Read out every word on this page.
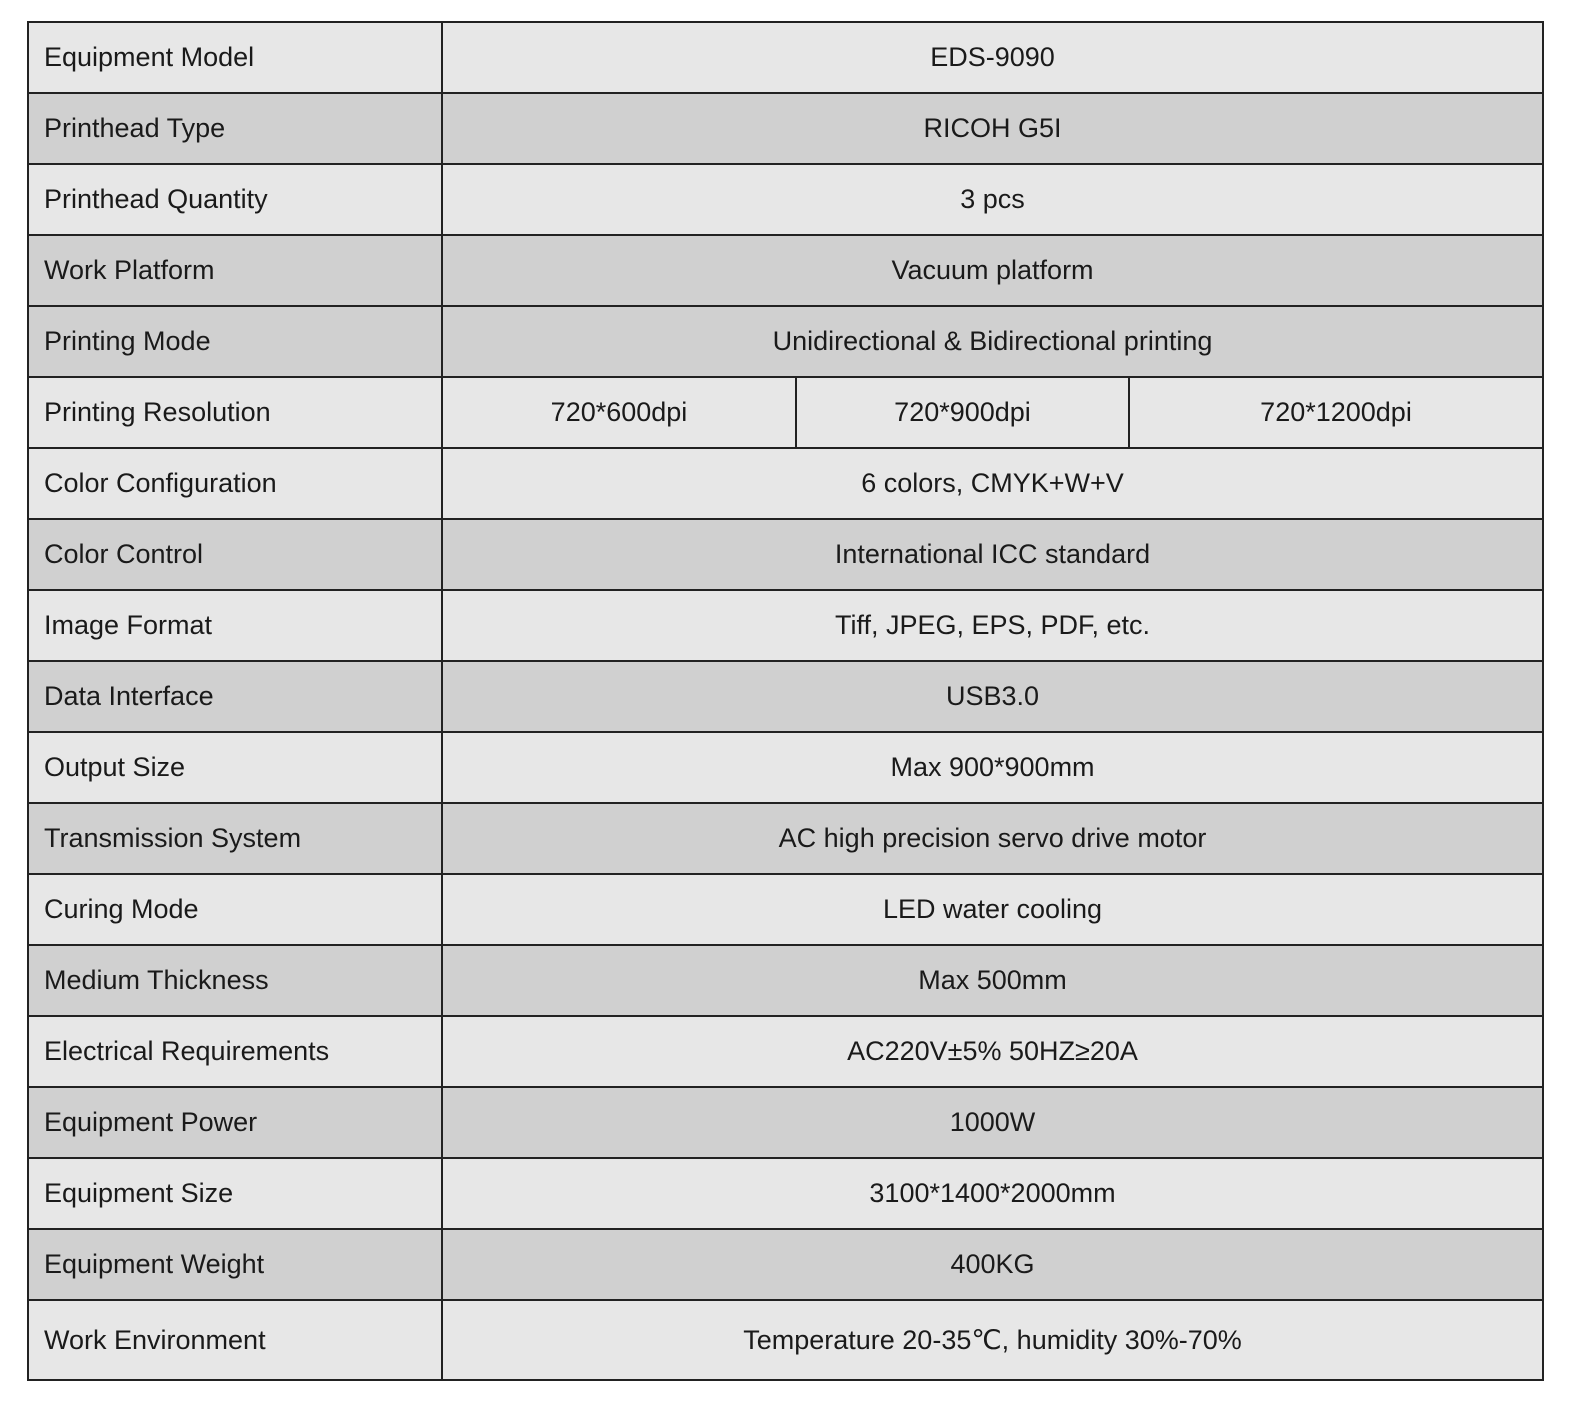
Equipment Model	EDS-9090		
Printhead Type	RICOH G5I		
Printhead Quantity	3 pcs		
Work Platform	Vacuum platform		
Printing Mode	Unidirectional & Bidirectional printing		
Printing Resolution	720*600dpi	720*900dpi	720*1200dpi
Color Configuration	6 colors, CMYK+W+V		
Color Control	International ICC standard		
Image Format	Tiff, JPEG, EPS, PDF, etc.		
Data Interface	USB3.0		
Output Size	Max 900*900mm		
Transmission System	AC high precision servo drive motor		
Curing Mode	LED water cooling		
Medium Thickness	Max 500mm		
Electrical Requirements	AC220V±5% 50HZ≥20A		
Equipment Power	1000W		
Equipment Size	3100*1400*2000mm		
Equipment Weight	400KG		
Work Environment	Temperature 20-35℃, humidity 30%-70%		
